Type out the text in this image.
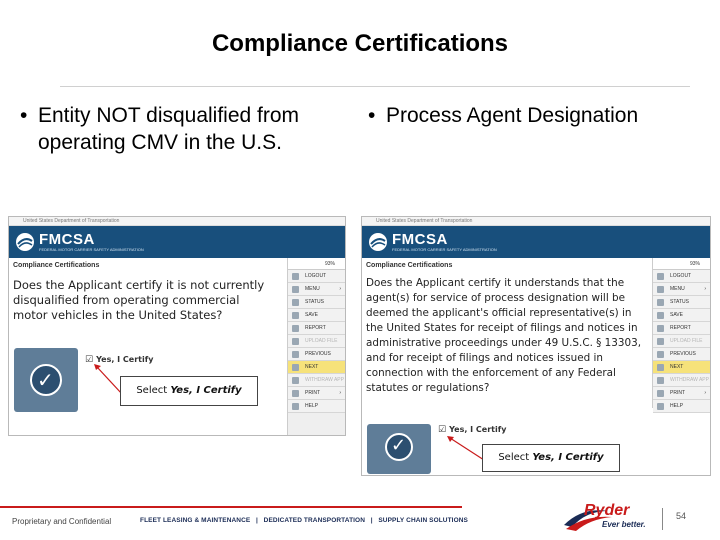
Compliance Certifications
• Entity NOT disqualified from operating CMV in the U.S.
• Process Agent Designation
United States Department of Transportation
FMCSA
FEDERAL MOTOR CARRIER SAFETY ADMINISTRATION
Compliance Certifications
Does the Applicant certify it is not currently disqualified from operating commercial motor vehicles in the United States?
✓
☑ Yes, I Certify
Select Yes, I Certify
93%
LOGOUT
MENU	›
STATUS
SAVE
REPORT
UPLOAD FILE
PREVIOUS
NEXT
WITHDRAW APP
PRINT	›
HELP
United States Department of Transportation
FMCSA
FEDERAL MOTOR CARRIER SAFETY ADMINISTRATION
Compliance Certifications
Does the Applicant certify it understands that the agent(s) for service of process designation will be deemed the applicant's official representative(s) in the United States for receipt of filings and notices in administrative proceedings under 49 U.S.C. § 13303, and for receipt of filings and notices issued in connection with the enforcement of any Federal statutes or regulations?
✓
☑ Yes, I Certify
Select Yes, I Certify
93%
LOGOUT
MENU	›
STATUS
SAVE
REPORT
UPLOAD FILE
PREVIOUS
NEXT
WITHDRAW APP
PRINT	›
HELP
Proprietary and Confidential	FLEET LEASING & MAINTENANCE   |   DEDICATED TRANSPORTATION   |   SUPPLY CHAIN SOLUTIONS
Ryder
Ever better.
54
